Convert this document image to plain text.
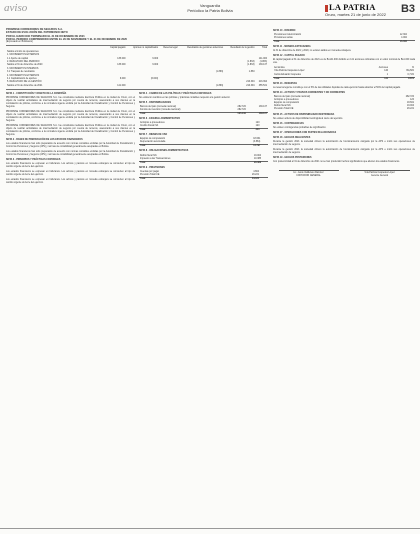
aviso	Vanguardia
Periódico la Patria Bolivia	LA PATRIA
Oruro, martes 21 de junio de 2022 B3
PROMISSE CORREDORES DE SEGUROS S.A.
ESTADO DE EVOLUCIÓN DEL PATRIMONIO NETO
POR EL EJERCICIO TERMINADO EL 31 DE DICIEMBRE DE 2021
POR EL PERIODO COMPRENDIDO ENTRE EL 29 DE NOVIEMBRE Y EL 31 DE DICIEMBRE DE 2020
(Expresado en Bolivianos)
	Capital pagado	Aportes no capitalizados	Reserva legal	Resultados de gestiones anteriores	Resultado de la gestión	Total
Saldos al inicio de operaciones						
1. MOVIMIENTOS EXTERNOS						
1.1 Aporte de capital	135.000	6.000				141.000
2. RESULTADO DEL PERIODO					(1.863)	(1.863)
Saldos al 31 de diciembre de 2020	135.000	6.000			(1.863)	139.137
3. MOVIMIENTOS INTERNOS						
3.1 Traspaso de resultados				(1.863)	1.863	
4. MOVIMIENTOS EXTERNOS						
4.1 Capitalización de aportes	6.000	(6.000)				
5. RESULTADO DE LA GESTIÓN					216.394	216.394
Saldos al 31 de diciembre de 2021	141.000			(1.863)	216.394	355.531
NOTA 1 - CONSTITUCIÓN Y OBJETO DE LA COMPAÑÍA
PROMISSE CORREDORES DE SEGUROS S.A. fue constituida mediante Escritura Pública en la ciudad de Oruro, con el objeto de realizar actividades de intermediación de seguros por cuenta de terceros, asesorando a sus clientes en la contratación de pólizas, conforme a la normativa vigente emitida por la Autoridad de Fiscalización y Control de Pensiones y Seguros.
PROMISSE CORREDORES DE SEGUROS S.A. fue constituida mediante Escritura Pública en la ciudad de Oruro, con el objeto de realizar actividades de intermediación de seguros por cuenta de terceros, asesorando a sus clientes en la contratación de pólizas, conforme a la normativa vigente emitida por la Autoridad de Fiscalización y Control de Pensiones y Seguros.
PROMISSE CORREDORES DE SEGUROS S.A. fue constituida mediante Escritura Pública en la ciudad de Oruro, con el objeto de realizar actividades de intermediación de seguros por cuenta de terceros, asesorando a sus clientes en la contratación de pólizas, conforme a la normativa vigente emitida por la Autoridad de Fiscalización y Control de Pensiones y Seguros.
NOTA 2 - BASES DE PREPARACIÓN DE LOS ESTADOS FINANCIEROS
Los estados financieros han sido preparados de acuerdo con normas contables emitidas por la Autoridad de Fiscalización y Control de Pensiones y Seguros (APS) y normas de contabilidad generalmente aceptadas en Bolivia.
Los estados financieros han sido preparados de acuerdo con normas contables emitidas por la Autoridad de Fiscalización y Control de Pensiones y Seguros (APS) y normas de contabilidad generalmente aceptadas en Bolivia.
NOTA 3 - PRINCIPIOS Y PRÁCTICAS CONTABLES
Los estados financieros se expresan en bolivianos. Los activos y pasivos en moneda extranjera se convierten al tipo de cambio vigente al cierre del ejercicio.
Los estados financieros se expresan en bolivianos. Los activos y pasivos en moneda extranjera se convierten al tipo de cambio vigente al cierre del ejercicio.
Los estados financieros se expresan en bolivianos. Los activos y pasivos en moneda extranjera se convierten al tipo de cambio vigente al cierre del ejercicio.
NOTA 4 - CAMBIO DE LAS POLÍTICAS Y PRÁCTICAS CONTABLES
No existieron cambios en las políticas y prácticas contables respecto a la gestión anterior.
NOTA 5 - DISPONIBILIDADES
Bancos del país (moneda nacional)	282.720	139.137
Fondos de inversión (moneda nacional)	282.720	
Total	565.440	139.137
NOTA 6 - EXIGIBLE ADMINISTRATIVO
Anticipos a proveedores	120	
Crédito Fiscal IVA	120	
Total	240	
NOTA 7 - BIENES DE USO
Equipos de computación	18.661	
Depreciación acumulada	(3.864)	
Total	14.797	
NOTA 8 - OBLIGACIONES ADMINISTRATIVAS
Débito fiscal IVA	19.004	
Impuesto a las Transacciones	10.385	
Total	29.389	
NOTA 9 - PREVISIONES
Cuentas por pagar	4.804	
Previsión Total IUE	29.221	
Total	34.025	
NOTA 10 - DIFERIDO
Previsiones indemnización	12.304	
Provisiones varias	4.002	
Total	16.306	
NOTA 11 - MONEDA EXTRANJERA
Al 31 de diciembre de 2021 y 2020, no existen saldos en moneda extranjera.
NOTA 12 - CAPITAL PAGADO
El capital pagado al 31 de diciembre de 2021 es de Bs141.000 dividido en 141 acciones ordinarias con un valor nominal de Bs1.000 cada una.
Accionista	Acciones	%
Yola Patricia Céspedes López	140	99,29%
Carlos Eduardo Céspedes	1	0,71%
Total	141	100%
NOTA 13 - RESERVAS
La reserva legal se constituye con el 5% de las utilidades líquidas de cada ejercicio hasta alcanzar el 50% del capital pagado.
NOTA 14 - ACTIVOS Y PASIVOS CORRIENTES Y NO CORRIENTES
Bancos del país (moneda nacional)	282.720
Anticipos a proveedores	120
Equipos de computación	18.661
Débito fiscal IVA	19.004
Previsión Total IUE	29.221
NOTA 15 - ACTIVOS DE DISPONIBILIDAD RESTRINGIDA
No existen activos de disponibilidad restringida al cierre del ejercicio.
NOTA 16 - CONTINGENCIAS
No existen contingencias probables de significación.
NOTA 17 - OPERACIONES CON PARTES RELACIONADAS
NOTA 18 - HECHOS RELEVANTES
Durante la gestión 2021 la sociedad obtuvo la autorización de funcionamiento otorgada por la APS e inició sus operaciones de intermediación de seguros.
Durante la gestión 2021 la sociedad obtuvo la autorización de funcionamiento otorgada por la APS e inició sus operaciones de intermediación de seguros.
NOTA 19 - HECHOS POSTERIORES
Con posterioridad al 31 de diciembre de 2021 no se han producido hechos significativos que afecten los estados financieros.
Lic. Jesús Valdivieso Ramirez
CONTADOR GENERAL
Yola Patricia Céspedes López
Gerente General
